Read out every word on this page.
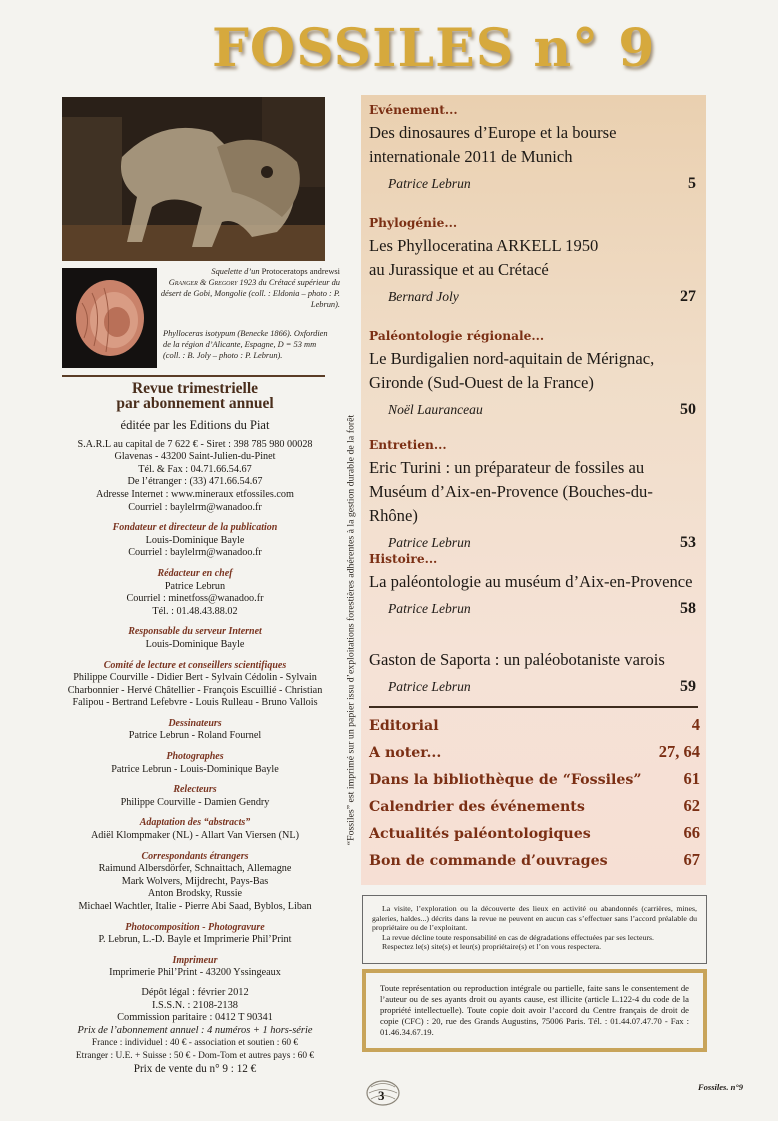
FOSSILES n° 9
Squelette d’un Protoceratops andrewsi
Granger & Gregory 1923 du Crétacé supérieur du désert de Gobi, Mongolie (coll. : Eldonia – photo : P. Lebrun).
Phylloceras isotypum (Benecke 1866). Oxfordien de la région d’Alicante, Espagne, D = 53 mm (coll. : B. Joly – photo : P. Lebrun).
Revue trimestrielle
par abonnement annuel
éditée par les Editions du Piat
S.A.R.L au capital de 7 622 € - Siret : 398 785 980 00028
Glavenas - 43200 Saint-Julien-du-Pinet
Tél. & Fax : 04.71.66.54.67
De l’étranger : (33) 471.66.54.67
Adresse Internet : www.mineraux etfossiles.com
Courriel : baylelrm@wanadoo.fr
Fondateur et directeur de la publication
Louis-Dominique Bayle
Courriel : baylelrm@wanadoo.fr
Rédacteur en chef
Patrice Lebrun
Courriel : minetfoss@wanadoo.fr
Tél. : 01.48.43.88.02
Responsable du serveur Internet
Louis-Dominique Bayle
Comité de lecture et conseillers scientifiques
Philippe Courville - Didier Bert - Sylvain Cédolin - Sylvain
Charbonnier - Hervé Châtellier - François Escuillié - Christian
Falipou - Bertrand Lefebvre - Louis Rulleau - Bruno Vallois
Dessinateurs
Patrice Lebrun - Roland Fournel
Photographes
Patrice Lebrun - Louis-Dominique Bayle
Relecteurs
Philippe Courville - Damien Gendry
Adaptation des “abstracts”
Adiël Klompmaker (NL) - Allart Van Viersen (NL)
Correspondants étrangers
Raimund Albersdörfer, Schnaittach, Allemagne
Mark Wolvers, Mijdrecht, Pays-Bas
Anton Brodsky, Russie
Michael Wachtler, Italie - Pierre Abi Saad, Byblos, Liban
Photocomposition - Photogravure
P. Lebrun, L.-D. Bayle et Imprimerie Phil’Print
Imprimeur
Imprimerie Phil’Print - 43200 Yssingeaux
Dépôt légal : février 2012
I.S.S.N. : 2108-2138
Commission paritaire : 0412 T 90341
Prix de l’abonnement annuel : 4 numéros + 1 hors-série
France : individuel : 40 € - association et soutien : 60 €
Etranger : U.E. + Suisse : 50 € - Dom-Tom et autres pays : 60 €
Prix de vente du n° 9 : 12 €
“Fossiles” est imprimé sur un papier issu d’exploitations forestières adhérentes à la gestion durable de la forêt
Evénement...
Des dinosaures d’Europe et la bourse
internationale 2011 de Munich
Patrice Lebrun	5
Phylogénie...
Les Phylloceratina ARKELL 1950
au Jurassique et au Crétacé
Bernard Joly	27
Paléontologie régionale...
Le Burdigalien nord-aquitain de Mérignac,
Gironde (Sud-Ouest de la France)
Noël Lauranceau	50
Entretien...
Eric Turini : un préparateur de fossiles au
Muséum d’Aix-en-Provence (Bouches-du-Rhône)
Patrice Lebrun	53
Histoire...
La paléontologie au muséum d’Aix-en-Provence
Patrice Lebrun	58
Gaston de Saporta : un paléobotaniste varois
Patrice Lebrun	59
Editorial	4
A noter...	27, 64
Dans la bibliothèque de “Fossiles”	61
Calendrier des événements	62
Actualités paléontologiques	66
Bon de commande d’ouvrages	67
La visite, l’exploration ou la découverte des lieux en activité ou abandonnés (carrières, mines, galeries, haldes...) décrits dans la revue ne peuvent en aucun cas s’effectuer sans l’accord préalable du propriétaire ou de l’exploitant.
La revue décline toute responsabilité en cas de dégradations effectuées par ses lecteurs.
Respectez le(s) site(s) et leur(s) propriétaire(s) et l’on vous respectera.
Toute représentation ou reproduction intégrale ou partielle, faite sans le consentement de l’auteur ou de ses ayants droit ou ayants cause, est illicite (article L.122-4 du code de la propriété intellectuelle). Toute copie doit avoir l’accord du Centre français de droit de copie (CFC) : 20, rue des Grands Augustins, 75006 Paris. Tél. : 01.44.07.47.70 - Fax : 01.46.34.67.19.
3
Fossiles. n°9
